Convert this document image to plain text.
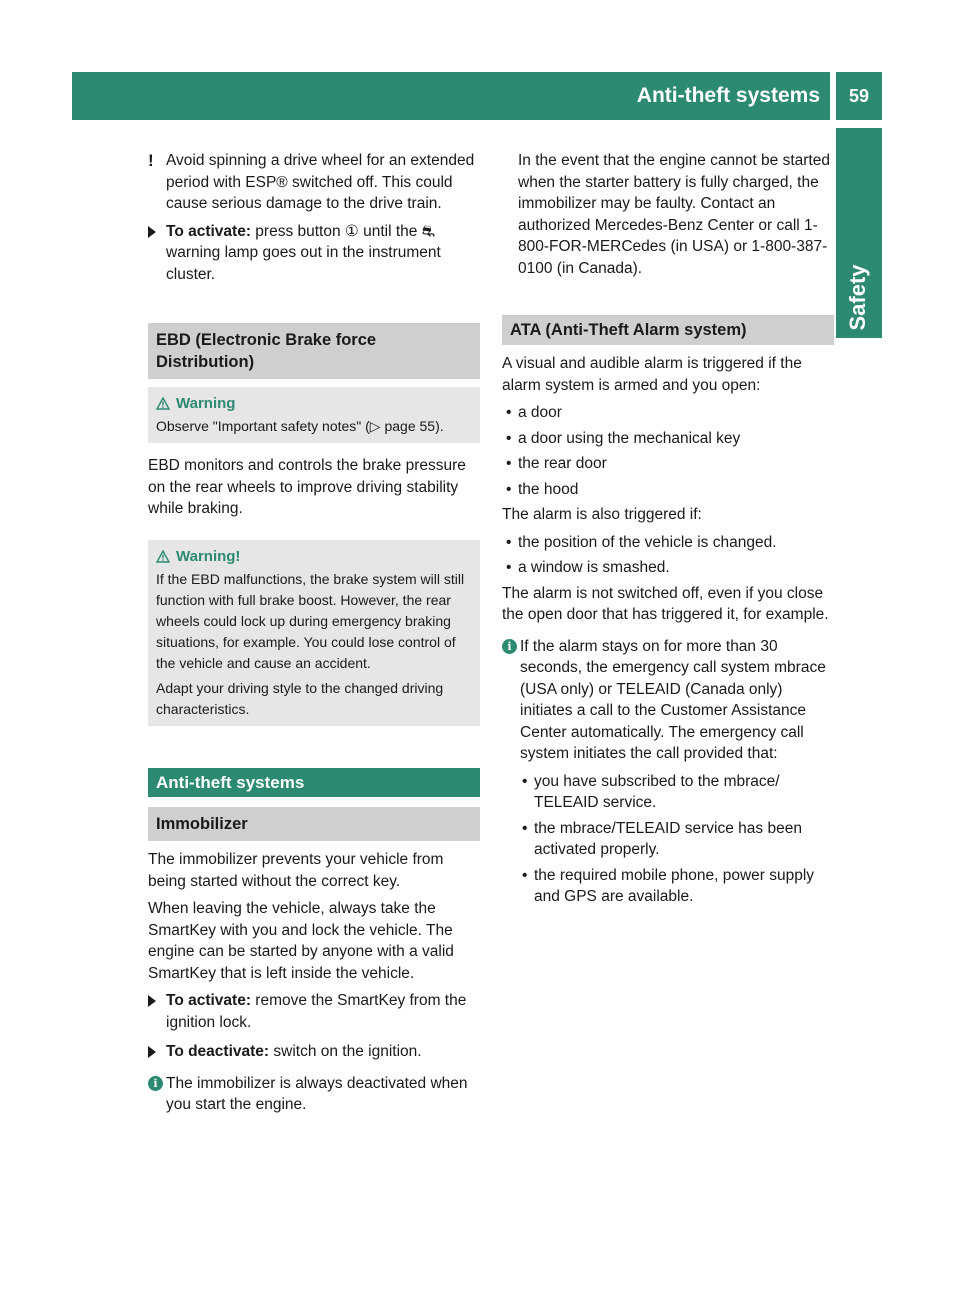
Anti-theft systems	59
Safety
! Avoid spinning a drive wheel for an extended period with ESP® switched off. This could cause serious damage to the drive train.
To activate: press button ① until the ⛐ warning lamp goes out in the instrument cluster.
EBD (Electronic Brake force Distribution)
Warning
Observe "Important safety notes" (▷ page 55).

EBD monitors and controls the brake pressure on the rear wheels to improve driving stability while braking.

Warning!
If the EBD malfunctions, the brake system will still function with full brake boost. However, the rear wheels could lock up during emergency braking situations, for example. You could lose control of the vehicle and cause an accident.
Adapt your driving style to the changed driving characteristics.
Anti-theft systems
Immobilizer

The immobilizer prevents your vehicle from being started without the correct key.

When leaving the vehicle, always take the SmartKey with you and lock the vehicle. The engine can be started by anyone with a valid SmartKey that is left inside the vehicle.

To activate: remove the SmartKey from the ignition lock.
To deactivate: switch on the ignition.
i The immobilizer is always deactivated when you start the engine.

In the event that the engine cannot be started when the starter battery is fully charged, the immobilizer may be faulty. Contact an authorized Mercedes-Benz Center or call 1-800-FOR-MERCedes (in USA) or 1-800-387-0100 (in Canada).

ATA (Anti-Theft Alarm system)

A visual and audible alarm is triggered if the alarm system is armed and you open:

• a door
• a door using the mechanical key
• the rear door
• the hood

The alarm is also triggered if:

• the position of the vehicle is changed.
• a window is smashed.

The alarm is not switched off, even if you close the open door that has triggered it, for example.

i If the alarm stays on for more than 30 seconds, the emergency call system mbrace (USA only) or TELEAID (Canada only) initiates a call to the Customer Assistance Center automatically. The emergency call system initiates the call provided that:
• you have subscribed to the mbrace/ TELEAID service.
• the mbrace/TELEAID service has been activated properly.
• the required mobile phone, power supply and GPS are available.
